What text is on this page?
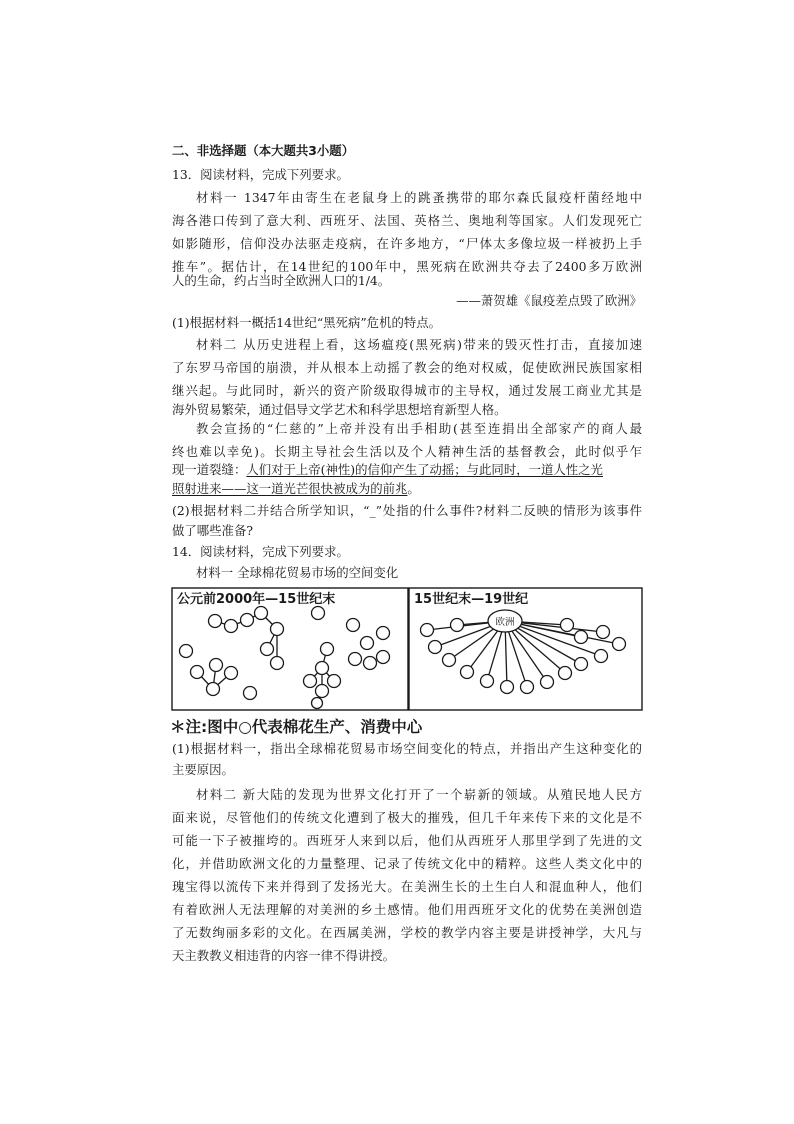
二、非选择题（本大题共3小题）
13．阅读材料，完成下列要求。
材料一 1347年由寄生在老鼠身上的跳蚤携带的耶尔森氏鼠疫杆菌经地中
海各港口传到了意大利、西班牙、法国、英格兰、奥地利等国家。人们发现死亡
如影随形，信仰没办法驱走疫病，在许多地方，“尸体太多像垃圾一样被扔上手
推车”。据估计，在14世纪的100年中，黑死病在欧洲共夺去了2400多万欧洲
人的生命，约占当时全欧洲人口的1/4。
——萧贺雄《鼠疫差点毁了欧洲》
(1)根据材料一概括14世纪“黑死病”危机的特点。
材料二 从历史进程上看，这场瘟疫(黑死病)带来的毁灭性打击，直接加速
了东罗马帝国的崩溃，并从根本上动摇了教会的绝对权威，促使欧洲民族国家相
继兴起。与此同时，新兴的资产阶级取得城市的主导权，通过发展工商业尤其是
海外贸易繁荣，通过倡导文学艺术和科学思想培育新型人格。
教会宣扬的“仁慈的”上帝并没有出手相助(甚至连捐出全部家产的商人最
终也难以幸免)。长期主导社会生活以及个人精神生活的基督教会，此时似乎乍
现一道裂缝：人们对于上帝(神性)的信仰产生了动摇；与此同时，一道人性之光
照射进来——这一道光芒很快被成为的前兆。
(2)根据材料二并结合所学知识，“_”处指的什么事件?材料二反映的情形为该事件
做了哪些准备?
14．阅读材料，完成下列要求。
材料一 全球棉花贸易市场的空间变化
公元前2000年—15世纪末	15世纪末—19世纪
欧洲
＊注:图中○代表棉花生产、消费中心
(1)根据材料一，指出全球棉花贸易市场空间变化的特点，并指出产生这种变化的
主要原因。
材料二 新大陆的发现为世界文化打开了一个崭新的领域。从殖民地人民方
面来说，尽管他们的传统文化遭到了极大的摧残，但几千年来传下来的文化是不
可能一下子被摧垮的。西班牙人来到以后，他们从西班牙人那里学到了先进的文
化，并借助欧洲文化的力量整理、记录了传统文化中的精粹。这些人类文化中的
瑰宝得以流传下来并得到了发扬光大。在美洲生长的土生白人和混血种人，他们
有着欧洲人无法理解的对美洲的乡土感情。他们用西班牙文化的优势在美洲创造
了无数绚丽多彩的文化。在西属美洲，学校的教学内容主要是讲授神学，大凡与
天主教教义相违背的内容一律不得讲授。
